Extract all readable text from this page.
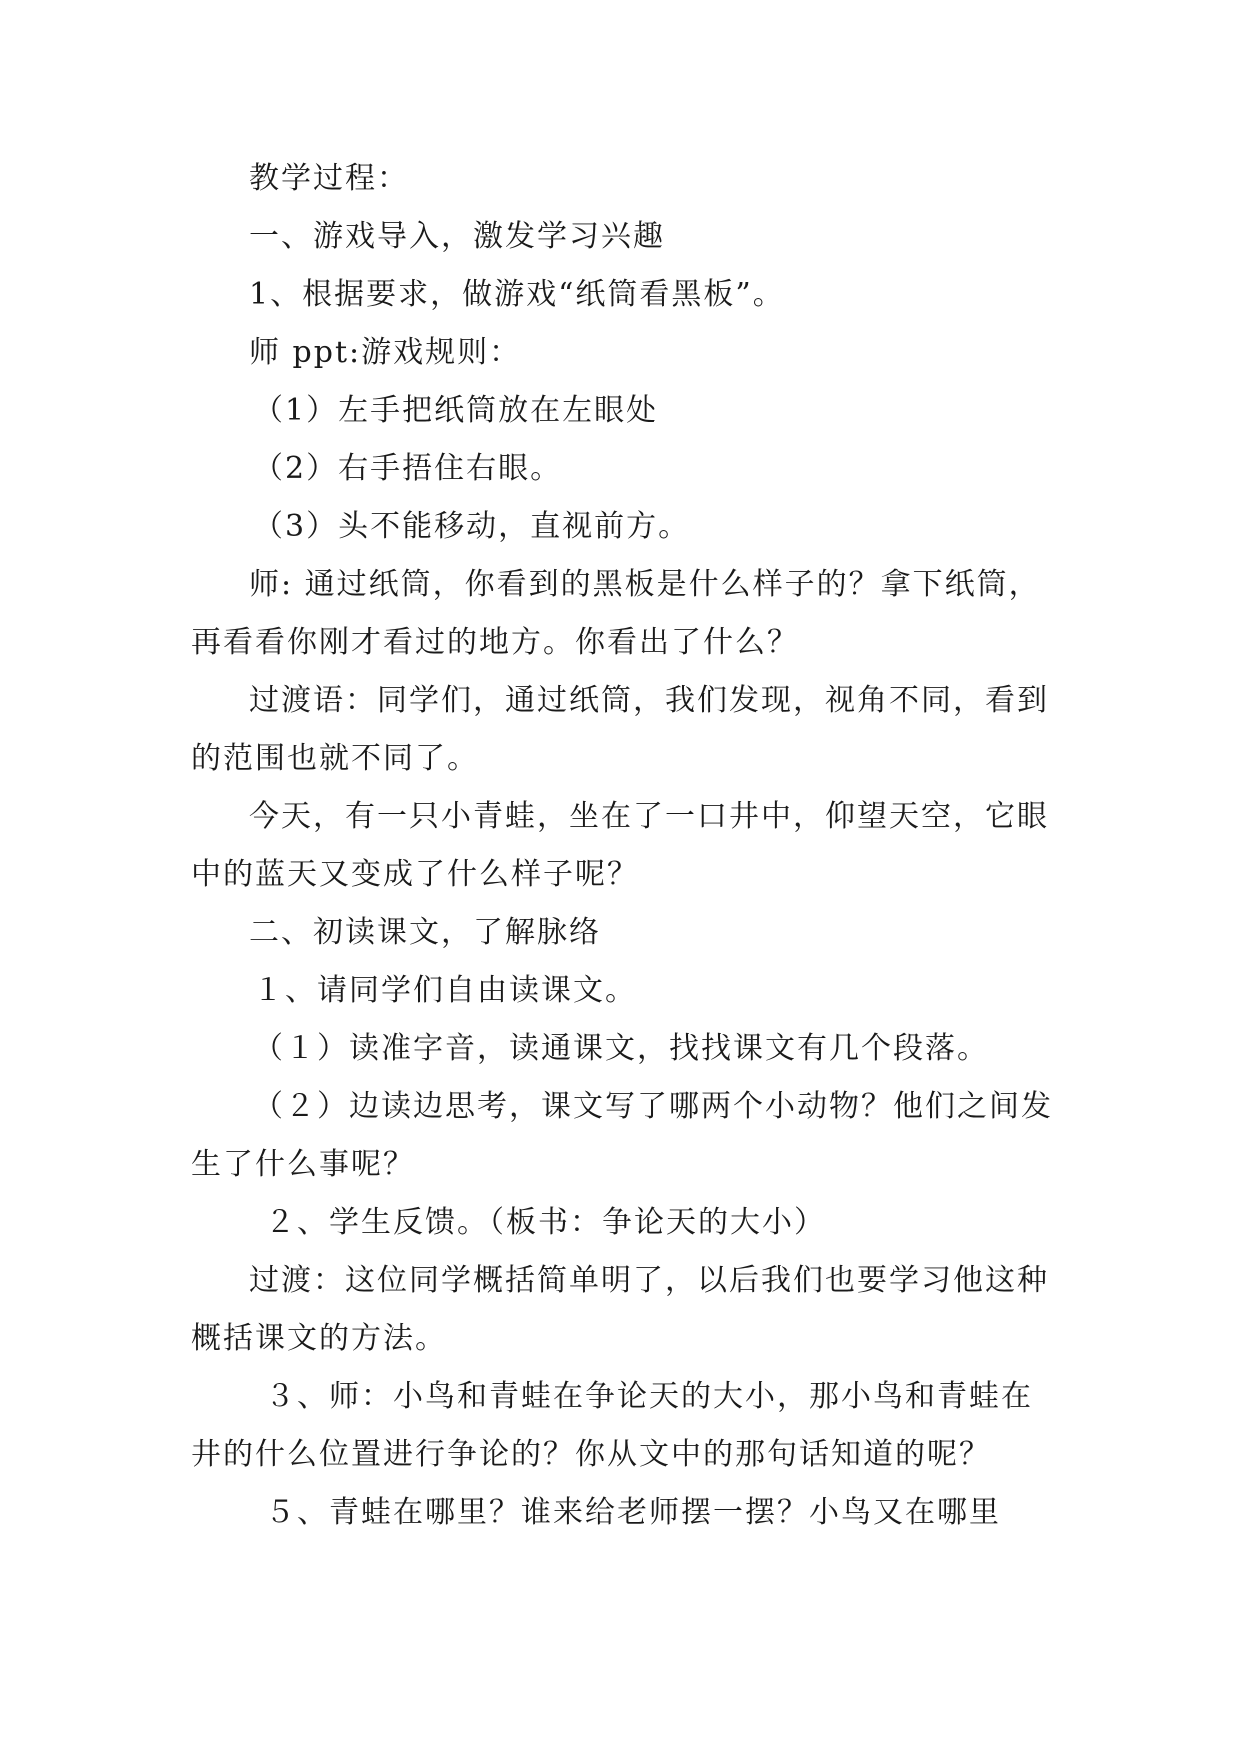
教学过程：

一、游戏导入，激发学习兴趣

1、根据要求，做游戏“纸筒看黑板”。

师 ppt:游戏规则：

（1）左手把纸筒放在左眼处

（2）右手捂住右眼。

（3）头不能移动，直视前方。

师: 通过纸筒，你看到的黑板是什么样子的？拿下纸筒，再看看你刚才看过的地方。你看出了什么？

过渡语：同学们，通过纸筒，我们发现，视角不同，看到的范围也就不同了。

今天，有一只小青蛙，坐在了一口井中，仰望天空，它眼中的蓝天又变成了什么样子呢？

二、初读课文，了解脉络

１、请同学们自由读课文。

（１）读准字音，读通课文，找找课文有几个段落。

（２）边读边思考，课文写了哪两个小动物？他们之间发生了什么事呢？

２、学生反馈。（板书：争论天的大小）

过渡：这位同学概括简单明了，以后我们也要学习他这种概括课文的方法。

３、师：小鸟和青蛙在争论天的大小，那小鸟和青蛙在井的什么位置进行争论的？你从文中的那句话知道的呢？

５、青蛙在哪里？谁来给老师摆一摆？小鸟又在哪里
